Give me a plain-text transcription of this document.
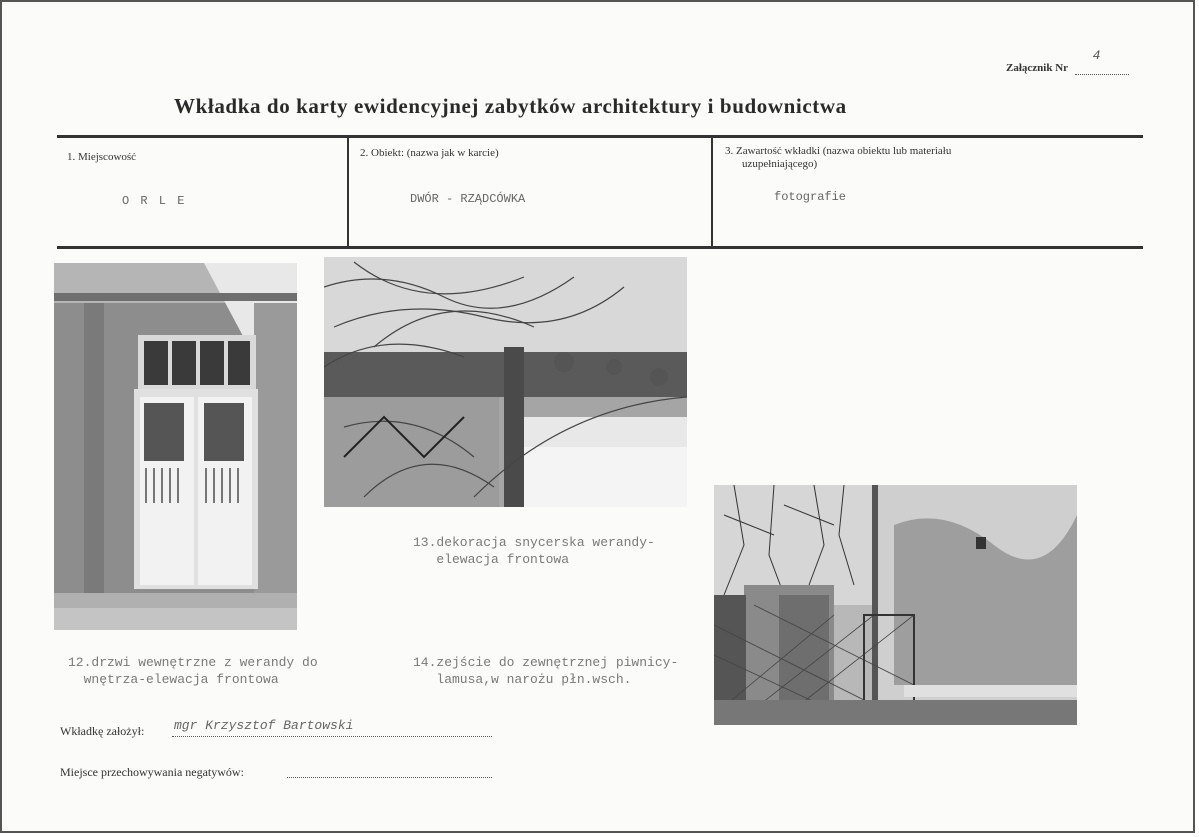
Załącznik Nr
4

Wkładka do karty ewidencyjnej zabytków architektury i budownictwa
1. Miejscowość
O R L E
2. Obiekt: (nazwa jak w karcie)
DWÓR - RZĄDCÓWKA
3. Zawartość wkładki (nazwa obiektu lub materiału
uzupełniającego)
fotografie
12.drzwi wewnętrzne z werandy do
wnętrza-elewacja frontowa
13.dekoracja snycerska werandy-
elewacja frontowa
14.zejście do zewnętrznej piwnicy-
lamusa,w narożu płn.wsch.
Wkładkę założył: mgr Krzysztof Bartowski
Miejsce przechowywania negatywów:
